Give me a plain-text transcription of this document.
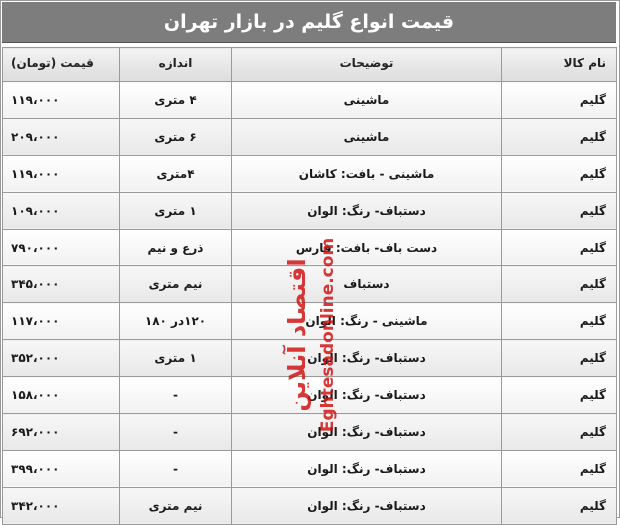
قیمت انواع گلیم در بازار تهران
نام کالا	توضیحات	اندازه	قیمت (تومان)
گلیم	ماشینی	۴ متری	۱۱۹،۰۰۰
گلیم	ماشینی	۶ متری	۲۰۹،۰۰۰
گلیم	ماشینی - بافت: کاشان	۴متری	۱۱۹،۰۰۰
گلیم	دستباف- رنگ: الوان	۱ متری	۱۰۹،۰۰۰
گلیم	دست باف- بافت: فارس	ذرع و نیم	۷۹۰،۰۰۰
گلیم	دستباف	نیم متری	۳۴۵،۰۰۰
گلیم	ماشینی - رنگ: الوان	۱۲۰در ۱۸۰	۱۱۷،۰۰۰
گلیم	دستباف- رنگ: الوان	۱ متری	۳۵۲،۰۰۰
گلیم	دستباف- رنگ: الوان	-	۱۵۸،۰۰۰
گلیم	دستباف- رنگ: الوان	-	۶۹۲،۰۰۰
گلیم	دستباف- رنگ: الوان	-	۳۹۹،۰۰۰
گلیم	دستباف- رنگ: الوان	نیم متری	۳۴۲،۰۰۰
اقتصاد آنلاین Eghtesadonline.com
